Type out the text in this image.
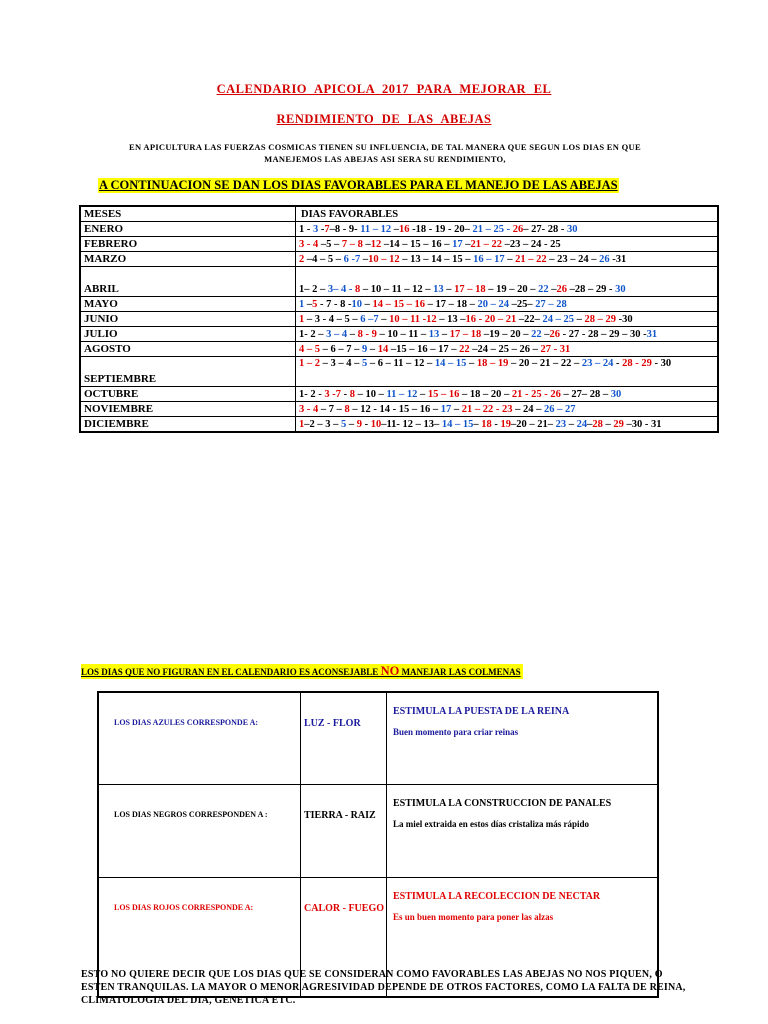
CALENDARIO APICOLA 2017 PARA MEJORAR EL
RENDIMIENTO DE LAS ABEJAS
EN APICULTURA LAS FUERZAS COSMICAS TIENEN SU INFLUENCIA, DE TAL MANERA QUE SEGUN LOS DIAS EN QUE MANEJEMOS LAS ABEJAS ASI SERA SU RENDIMIENTO,
A CONTINUACION SE DAN LOS DIAS FAVORABLES PARA EL MANEJO DE LAS ABEJAS
MESES	DIAS FAVORABLES
ENERO	1 - 3 -7–8 - 9- 11 – 12 –16 -18 - 19 - 20– 21 – 25 - 26– 27- 28 - 30
FEBRERO	3 - 4 –5 – 7 – 8 –12 –14 – 15 – 16 – 17 –21 – 22 –23 – 24 - 25
MARZO	2 –4 – 5 – 6 -7 –10 – 12 – 13 – 14 – 15 – 16 – 17 – 21 – 22 – 23 – 24 – 26 -31
ABRIL	1– 2 – 3– 4 - 8 – 10 – 11 – 12 – 13 – 17 – 18 – 19 – 20 – 22 –26 –28 – 29 - 30
MAYO	1 –5 - 7 - 8 -10 – 14 – 15 – 16 – 17 – 18 – 20 – 24 –25– 27 – 28
JUNIO	1 – 3 - 4 – 5 – 6 –7 – 10 – 11 -12 – 13 –16 - 20 – 21 –22– 24 – 25 – 28 – 29 -30
JULIO	1- 2 – 3 – 4 – 8 - 9 – 10 – 11 – 13 – 17 – 18 –19 – 20 – 22 –26 - 27 - 28 – 29 – 30 -31
AGOSTO	4 – 5 – 6 – 7 – 9 – 14 –15 – 16 – 17 – 22 –24 – 25 – 26 – 27 - 31
SEPTIEMBRE	1 – 2 – 3 – 4 – 5 – 6 – 11 – 12 – 14 – 15 – 18 – 19 – 20 – 21 – 22 – 23 – 24 - 28 - 29 - 30
OCTUBRE	1- 2 - 3 -7 - 8 – 10 – 11 – 12 – 15 – 16 – 18 – 20 – 21 - 25 - 26 – 27– 28 – 30
NOVIEMBRE	3 - 4 – 7 – 8 – 12 - 14 - 15 – 16 – 17 – 21 – 22 - 23 – 24 – 26 – 27
DICIEMBRE	1–2 – 3 – 5 – 9 - 10–11- 12 – 13– 14 – 15– 18 - 19–20 – 21– 23 – 24–28 – 29 –30 - 31
LOS DIAS QUE NO FIGURAN EN EL CALENDARIO ES ACONSEJABLE NO MANEJAR LAS COLMENAS
LOS DIAS AZULES CORRESPONDE A:	LUZ - FLOR	ESTIMULA LA PUESTA DE LA REINA
Buen momento para criar reinas

LOS DIAS NEGROS CORRESPONDEN A :	TIERRA - RAIZ	ESTIMULA LA CONSTRUCCION DE PANALES
La miel extraida en estos días cristaliza más rápido

LOS DIAS ROJOS CORRESPONDE A:	CALOR - FUEGO	ESTIMULA LA RECOLECCION DE NECTAR
Es un buen momento para poner las alzas
ESTO NO QUIERE DECIR QUE LOS DIAS QUE SE CONSIDERAN COMO FAVORABLES LAS ABEJAS NO NOS PIQUEN, O ESTEN TRANQUILAS. LA MAYOR O MENOR AGRESIVIDAD DEPENDE DE OTROS FACTORES, COMO LA FALTA DE REINA, CLIMATOLOGIA DEL DIA, GENETICA ETC.
